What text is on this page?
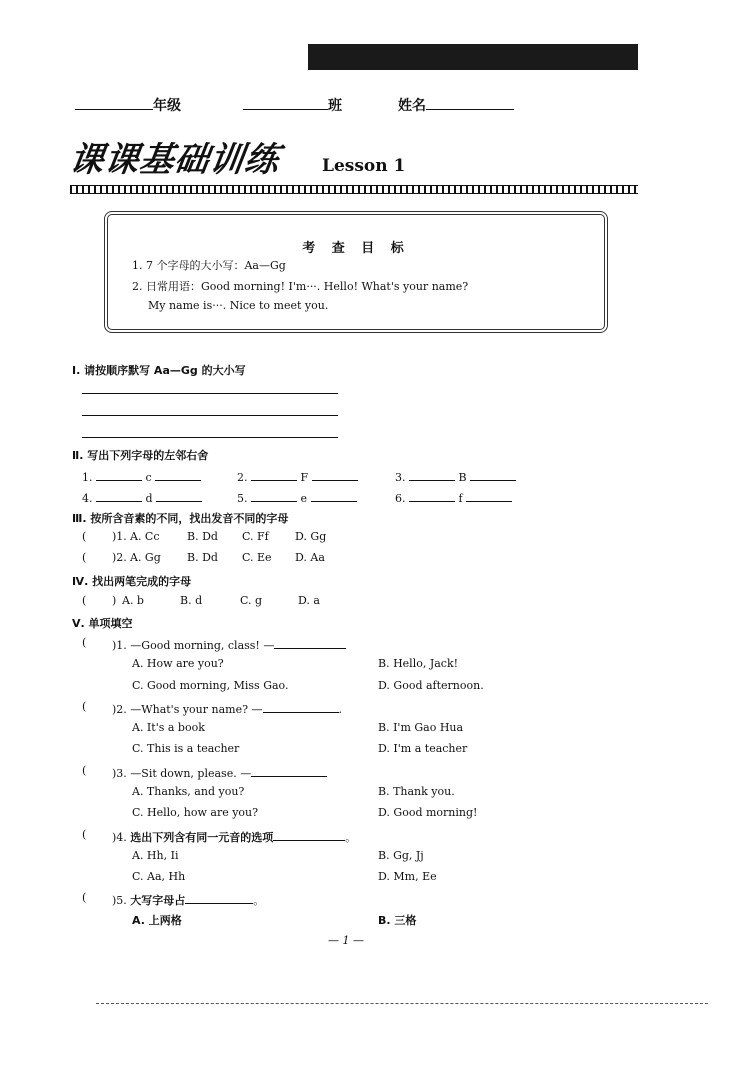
年级	班	姓名
课课基础训练 Lesson 1
考 查 目 标
1. 7 个字母的大小写：Aa—Gg
2. 日常用语：Good morning! I'm···. Hello! What's your name?
My name is···. Nice to meet you.
Ⅰ. 请按顺序默写 Aa—Gg 的大小写
Ⅱ. 写出下列字母的左邻右舍
1.	c	2.	F	3.	B
4.	d	5.	e	6.	f
Ⅲ. 按所含音素的不同，找出发音不同的字母
( )1. A. Cc B. Dd C. Ff D. Gg
( )2. A. Gg B. Dd C. Ee D. Aa
Ⅳ. 找出两笔完成的字母
( ) A. b	B. d	C. g	D. a
Ⅴ. 单项填空
( )1. —Good morning, class! —
A. How are you?	B. Hello, Jack!
C. Good morning, Miss Gao.	D. Good afternoon.
( )2. —What's your name? —	.
A. It's a book	B. I'm Gao Hua
C. This is a teacher	D. I'm a teacher
( )3. —Sit down, please. —
A. Thanks, and you?	B. Thank you.
C. Hello, how are you?	D. Good morning!
( )4. 选出下列含有同一元音的选项	。
A. Hh, Ii	B. Gg, Jj
C. Aa, Hh	D. Mm, Ee
( )5. 大写字母占	。
A. 上两格	B. 三格
— 1 —
